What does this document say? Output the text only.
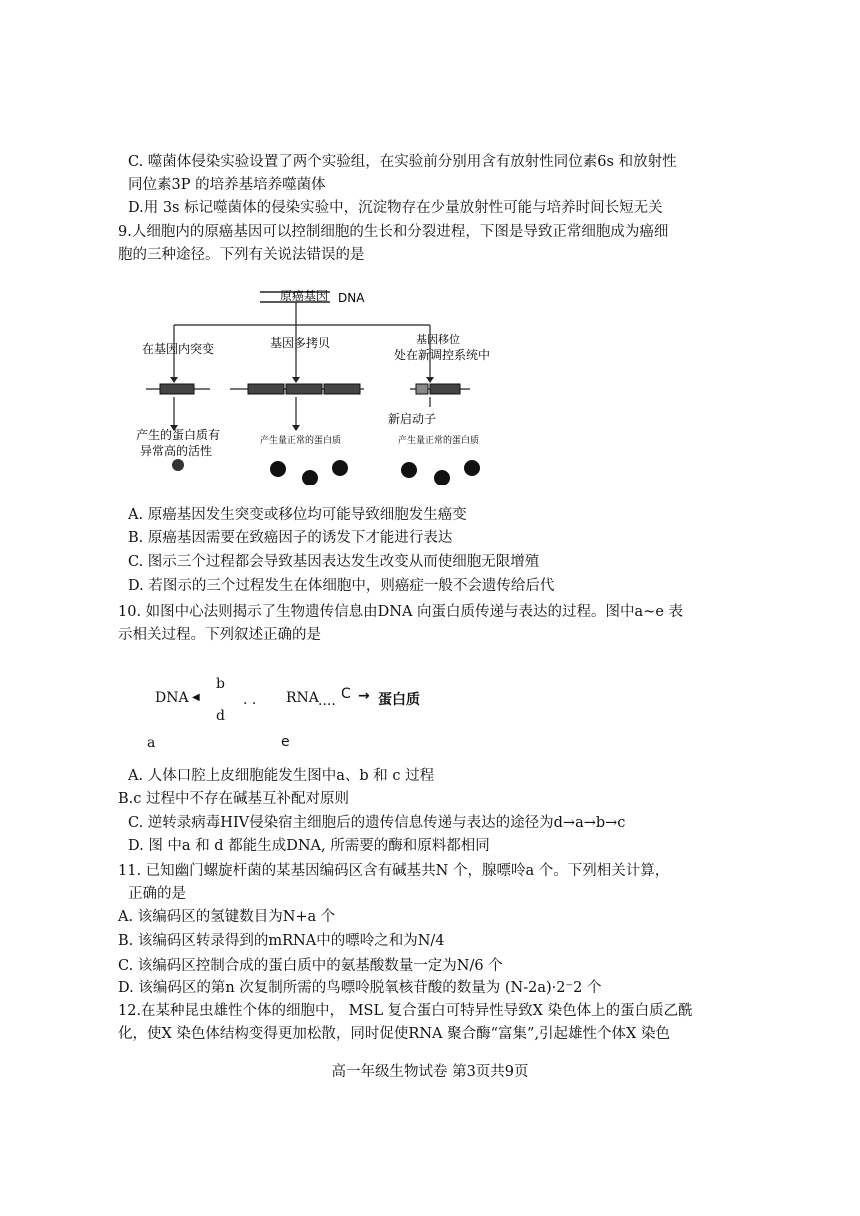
C. 噬菌体侵染实验设置了两个实验组，在实验前分别用含有放射性同位素6s 和放射性
同位素3P 的培养基培养噬菌体
D.用 3s 标记噬菌体的侵染实验中，沉淀物存在少量放射性可能与培养时间长短无关
9.人细胞内的原癌基因可以控制细胞的生长和分裂进程，下图是导致正常细胞成为癌细
胞的三种途径。下列有关说法错误的是
原癌基因 DNA
在基因内突变	基因多拷贝	基因移位
处在新调控系统中
新启动子
产生的蛋白质有
异常高的活性
产生量正常的蛋白质	产生量正常的蛋白质
A. 原癌基因发生突变或移位均可能导致细胞发生癌变
B. 原癌基因需要在致癌因子的诱发下才能进行表达
C. 图示三个过程都会导致基因表达发生改变从而使细胞无限增殖
D. 若图示的三个过程发生在体细胞中，则癌症一般不会遗传给后代
10. 如图中心法则揭示了生物遗传信息由DNA 向蛋白质传递与表达的过程。图中a~e 表
示相关过程。下列叙述正确的是
b
DNA ◀	. . RNA .... C → 蛋白质
d
a	e
A. 人体口腔上皮细胞能发生图中a、b 和 c 过程
B.c 过程中不存在碱基互补配对原则
C. 逆转录病毒HIV侵染宿主细胞后的遗传信息传递与表达的途径为d→a→b→c
D. 图 中a 和 d 都能生成DNA, 所需要的酶和原料都相同
11. 已知幽门螺旋杆菌的某基因编码区含有碱基共N 个，腺嘌呤a 个。下列相关计算，
正确的是
A. 该编码区的氢键数目为N+a 个
B. 该编码区转录得到的mRNA中的嘌呤之和为N/4
C. 该编码区控制合成的蛋白质中的氨基酸数量一定为N/6 个
D. 该编码区的第n 次复制所需的鸟嘌呤脱氧核苷酸的数量为 (N-2a)·2⁻2 个
12.在某种昆虫雄性个体的细胞中， MSL 复合蛋白可特异性导致X 染色体上的蛋白质乙酰
化，使X 染色体结构变得更加松散，同时促使RNA 聚合酶“富集”,引起雄性个体X 染色
高一年级生物试卷 第3页共9页
